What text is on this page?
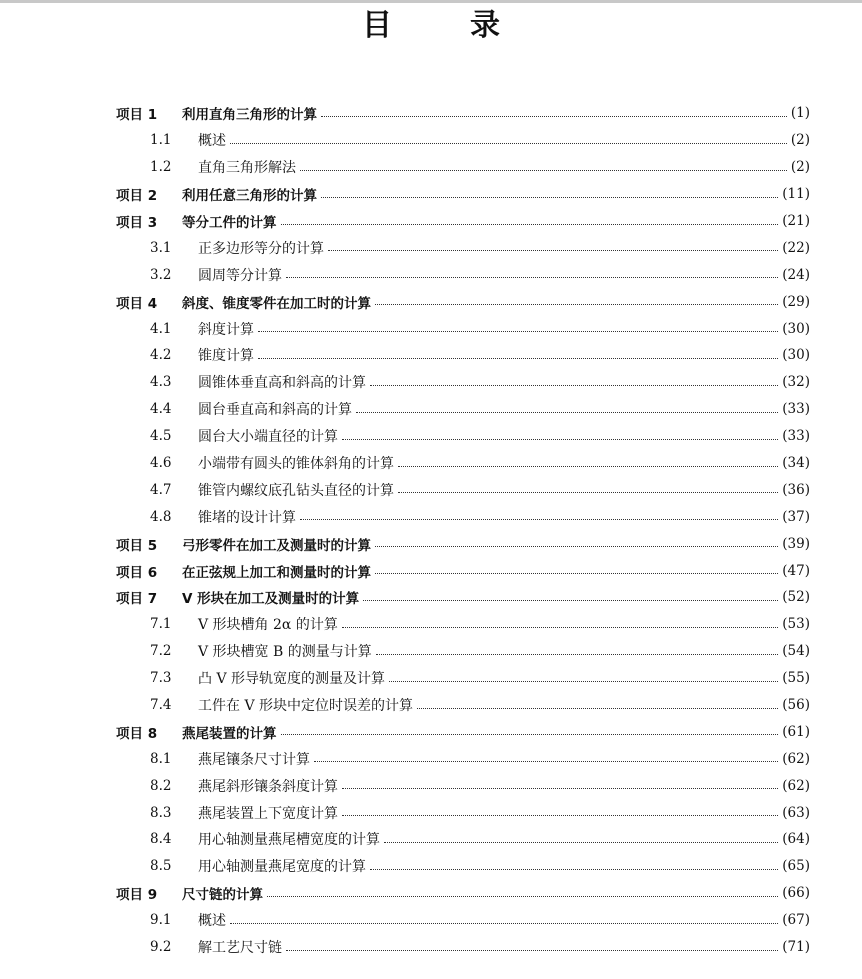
目	录
项目 1 利用直角三角形的计算	(1)
1.1 概述	(2)
1.2 直角三角形解法	(2)
项目 2 利用任意三角形的计算	(11)
项目 3 等分工件的计算	(21)
3.1 正多边形等分的计算	(22)
3.2 圆周等分计算	(24)
项目 4 斜度、锥度零件在加工时的计算	(29)
4.1 斜度计算	(30)
4.2 锥度计算	(30)
4.3 圆锥体垂直高和斜高的计算	(32)
4.4 圆台垂直高和斜高的计算	(33)
4.5 圆台大小端直径的计算	(33)
4.6 小端带有圆头的锥体斜角的计算	(34)
4.7 锥管内螺纹底孔钻头直径的计算	(36)
4.8 锥堵的设计计算	(37)
项目 5 弓形零件在加工及测量时的计算	(39)
项目 6 在正弦规上加工和测量时的计算	(47)
项目 7 V 形块在加工及测量时的计算	(52)
7.1 V 形块槽角 2α 的计算	(53)
7.2 V 形块槽宽 B 的测量与计算	(54)
7.3 凸 V 形导轨宽度的测量及计算	(55)
7.4 工件在 V 形块中定位时误差的计算	(56)
项目 8 燕尾装置的计算	(61)
8.1 燕尾镶条尺寸计算	(62)
8.2 燕尾斜形镶条斜度计算	(62)
8.3 燕尾装置上下宽度计算	(63)
8.4 用心轴测量燕尾槽宽度的计算	(64)
8.5 用心轴测量燕尾宽度的计算	(65)
项目 9 尺寸链的计算	(66)
9.1 概述	(67)
9.2 解工艺尺寸链	(71)
